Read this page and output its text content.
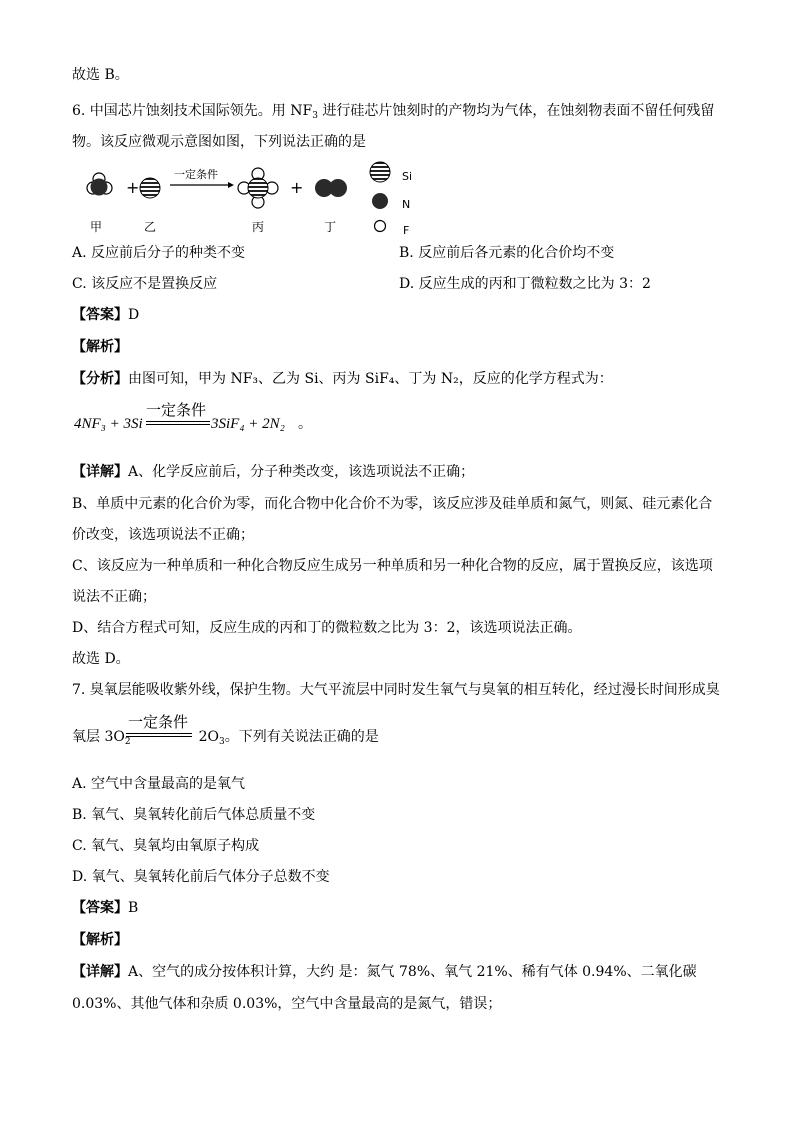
故选 B。
6. 中国芯片蚀刻技术国际领先。用 $NF_3$ 进行硅芯片蚀刻时的产物均为气体，在蚀刻物表面不留任何残留
物。该反应微观示意图如图，下列说法正确的是
+
一定条件
+
Si
N
F
甲	乙	丙	丁
A. 反应前后分子的种类不变	B. 反应前后各元素的化合价均不变
C. 该反应不是置换反应	D. 反应生成的丙和丁微粒数之比为 3：2
【答案】D
【解析】
【分析】由图可知，甲为 NF₃、乙为 Si、丙为 SiF₄、丁为 N₂，反应的化学方程式为：
一定条件
4NF₃ + 3Si	3SiF₄ + 2N₂ 。
【详解】A、化学反应前后，分子种类改变，该选项说法不正确；
B、单质中元素的化合价为零，而化合物中化合价不为零，该反应涉及硅单质和氮气，则氮、硅元素化合
价改变，该选项说法不正确；
C、该反应为一种单质和一种化合物反应生成另一种单质和另一种化合物的反应，属于置换反应，该选项
说法不正确；
D、结合方程式可知，反应生成的丙和丁的微粒数之比为 3：2，该选项说法正确。
故选 D。
7. 臭氧层能吸收紫外线，保护生物。大气平流层中同时发生氧气与臭氧的相互转化，经过漫长时间形成臭
一定条件
氧层 $3O_2$	$2O_3$。下列有关说法正确的是
A. 空气中含量最高的是氧气
B. 氧气、臭氧转化前后气体总质量不变
C. 氧气、臭氧均由氧原子构成
D. 氧气、臭氧转化前后气体分子总数不变
【答案】B
【解析】
【详解】A、空气的成分按体积计算，大约 是：氮气 78%、氧气 21%、稀有气体 0.94%、二氧化碳
0.03%、其他气体和杂质 0.03%，空气中含量最高的是氮气，错误；
